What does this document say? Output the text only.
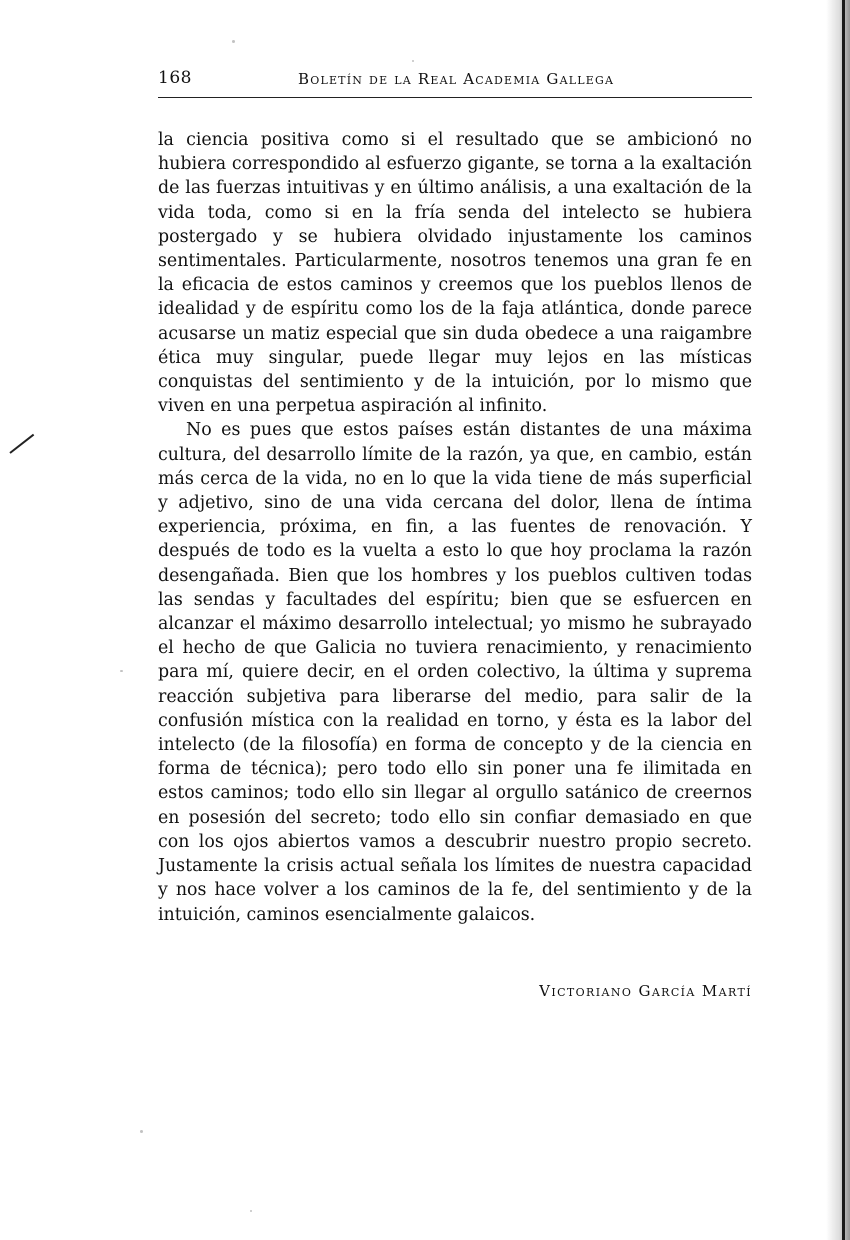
168	Boletín de la Real Academia Gallega

la ciencia positiva como si el resultado que se ambicionó no hubiera correspondido al esfuerzo gigante, se torna a la exaltación de las fuerzas intuitivas y en último análisis, a una exaltación de la vida toda, como si en la fría senda del intelecto se hubiera postergado y se hubiera olvidado injustamente los caminos sentimentales. Particularmente, nosotros tenemos una gran fe en la eficacia de estos caminos y creemos que los pueblos llenos de idealidad y de espíritu como los de la faja atlántica, donde parece acusarse un matiz especial que sin duda obedece a una raigambre ética muy singular, puede llegar muy lejos en las místicas conquistas del sentimiento y de la intuición, por lo mismo que viven en una perpetua aspiración al infinito.

No es pues que estos países están distantes de una máxima cultura, del desarrollo límite de la razón, ya que, en cambio, están más cerca de la vida, no en lo que la vida tiene de más superficial y adjetivo, sino de una vida cercana del dolor, llena de íntima experiencia, próxima, en fin, a las fuentes de renovación. Y después de todo es la vuelta a esto lo que hoy proclama la razón desengañada. Bien que los hombres y los pueblos cultiven todas las sendas y facultades del espíritu; bien que se esfuercen en alcanzar el máximo desarrollo intelectual; yo mismo he subrayado el hecho de que Galicia no tuviera renacimiento, y renacimiento para mí, quiere decir, en el orden colectivo, la última y suprema reacción subjetiva para liberarse del medio, para salir de la confusión mística con la realidad en torno, y ésta es la labor del intelecto (de la filosofía) en forma de concepto y de la ciencia en forma de técnica); pero todo ello sin poner una fe ilimitada en estos caminos; todo ello sin llegar al orgullo satánico de creernos en posesión del secreto; todo ello sin confiar demasiado en que con los ojos abiertos vamos a descubrir nuestro propio secreto. Justamente la crisis actual señala los límites de nuestra capacidad y nos hace volver a los caminos de la fe, del sentimiento y de la intuición, caminos esencialmente galaicos.

Victoriano García Martí
